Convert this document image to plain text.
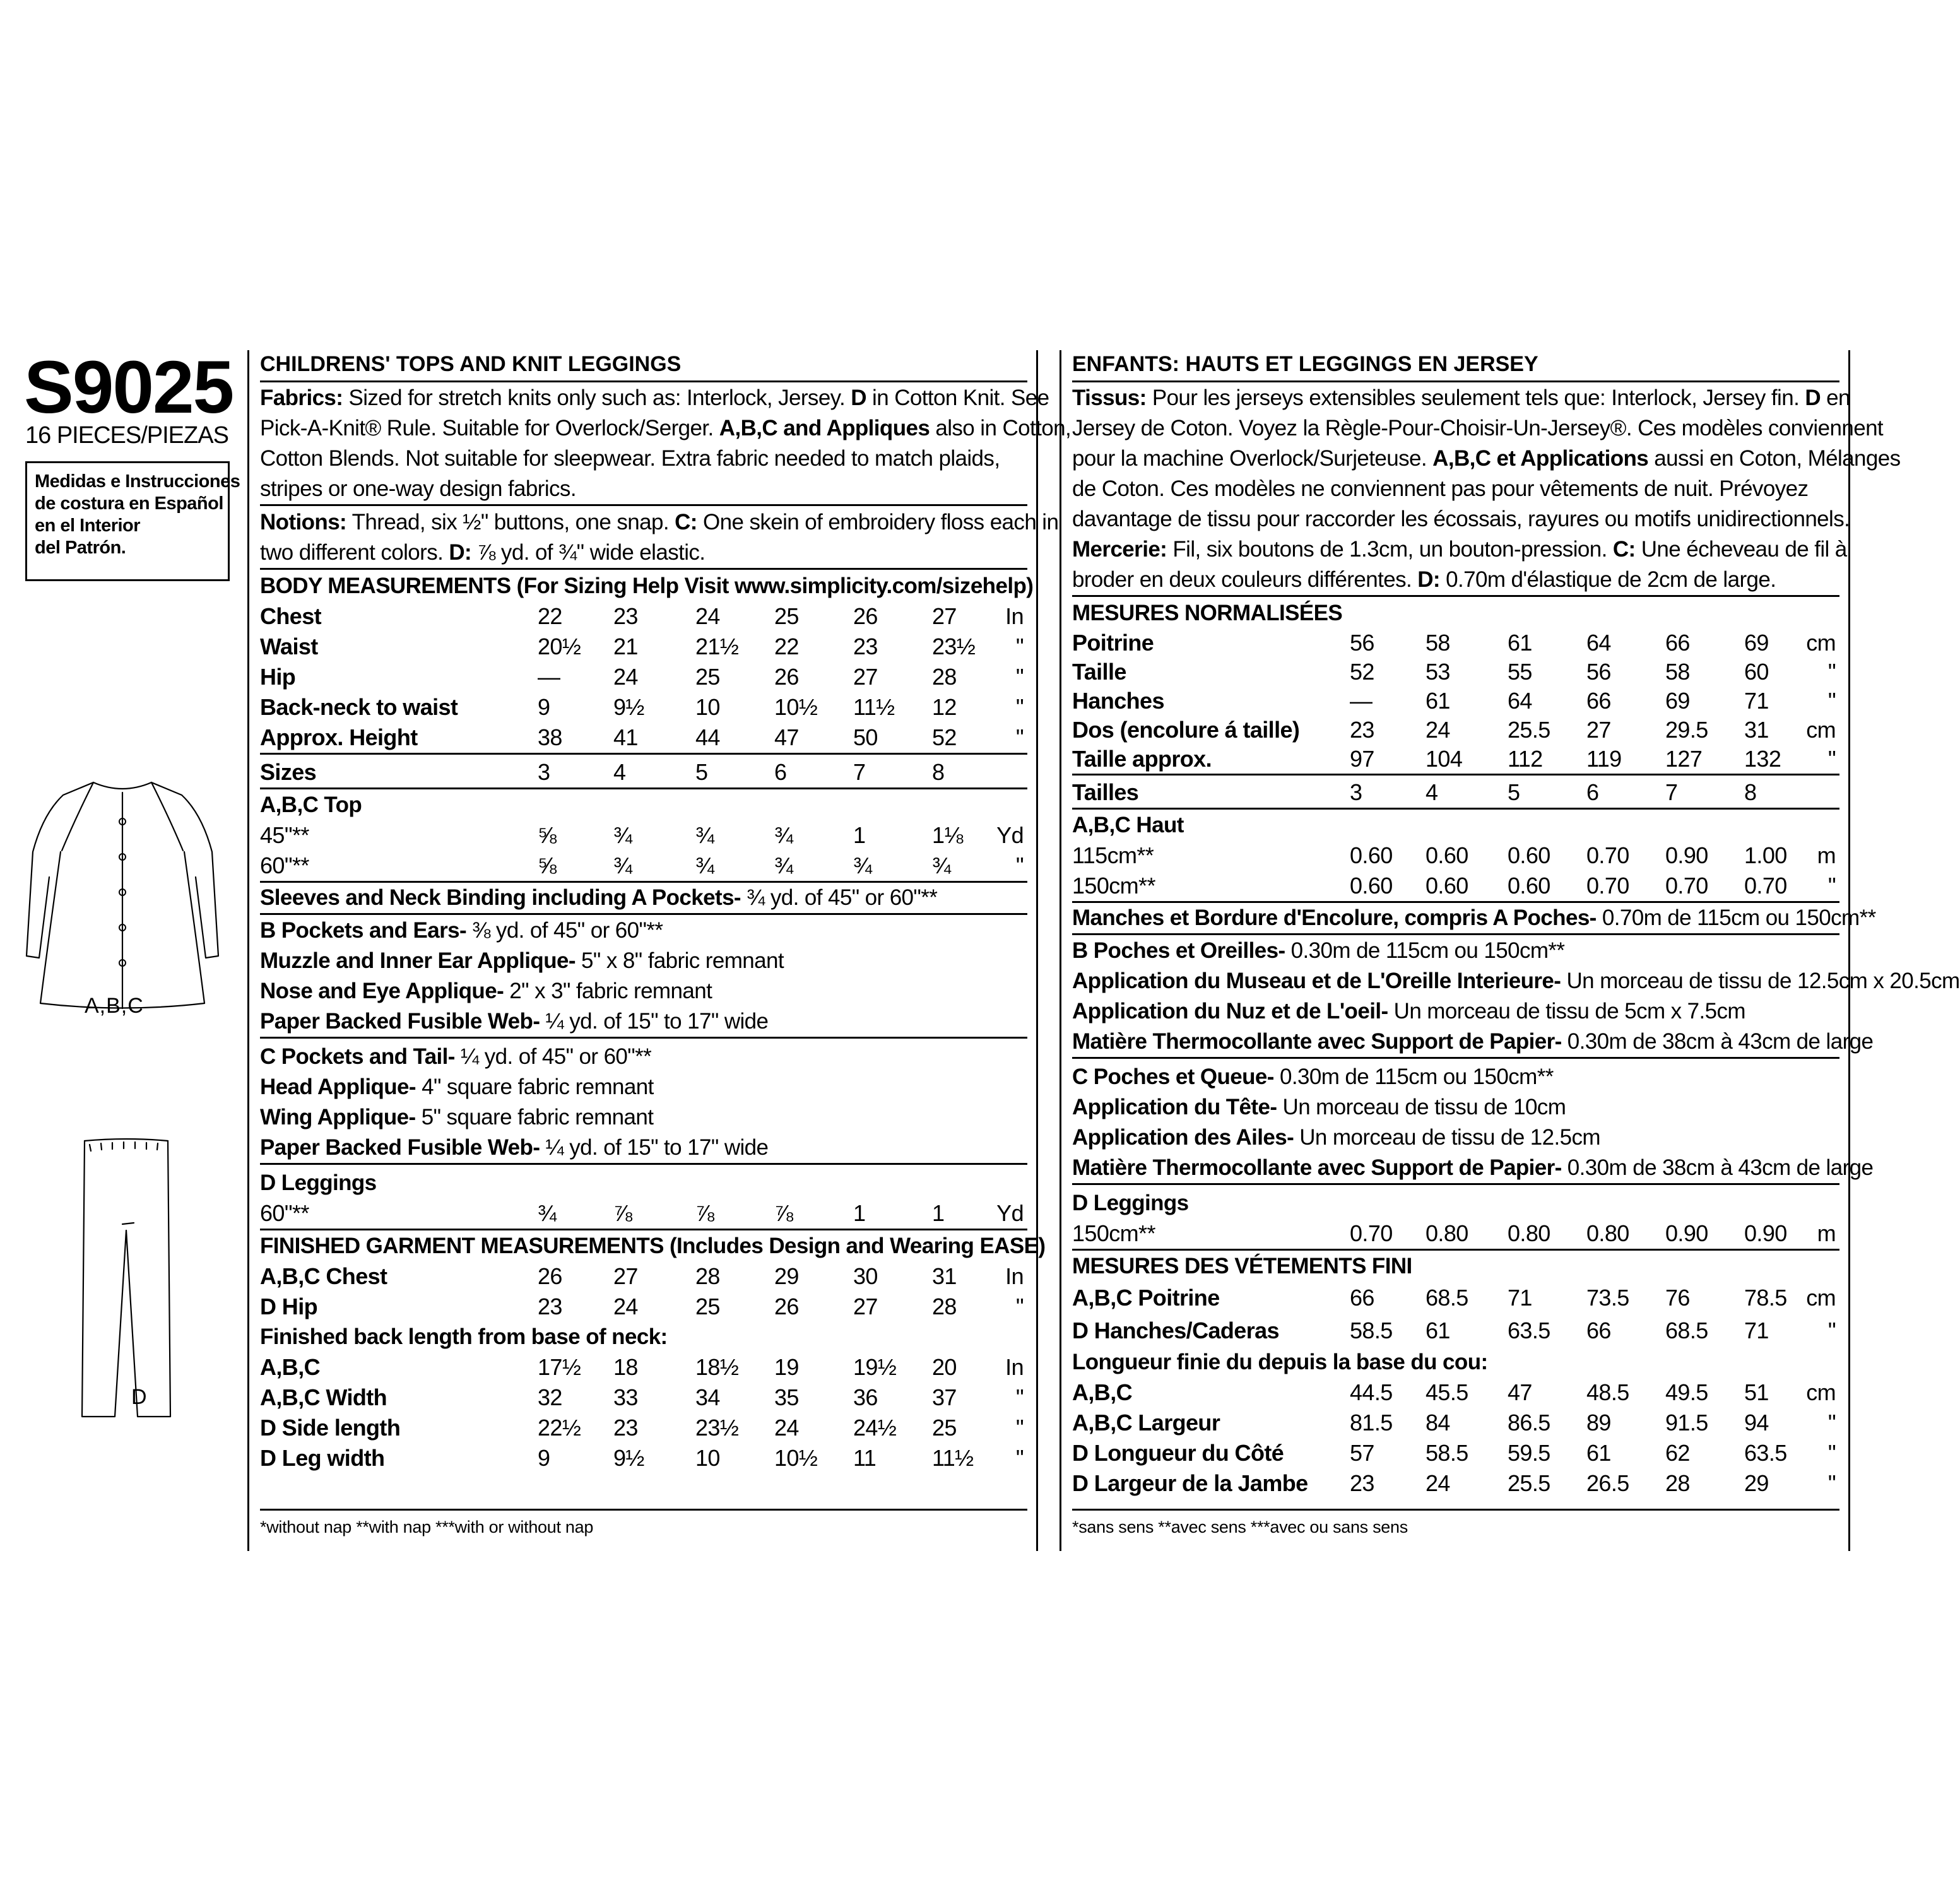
S9025
16 PIECES/PIEZAS
Medidas e Instrucciones
de costura en Español
en el Interior
del Patrón.
A,B,C
D
CHILDRENS' TOPS AND KNIT LEGGINGS
Fabrics: Sized for stretch knits only such as: Interlock, Jersey. D in Cotton Knit. See
Pick-A-Knit® Rule. Suitable for Overlock/Serger. A,B,C and Appliques also in Cotton,
Cotton Blends. Not suitable for sleepwear. Extra fabric needed to match plaids,
stripes or one-way design fabrics.
Notions: Thread, six ½" buttons, one snap. C: One skein of embroidery floss each in
two different colors. D: ⅞ yd. of ¾" wide elastic.
BODY MEASUREMENTS (For Sizing Help Visit www.simplicity.com/sizehelp)
Chest	22 23	24 25 26 27 In
Waist	20½ 21	21½ 22 23 23½ "
Hip	— 24	25 26 27 28	"
Back-neck to waist	9	9½ 10 10½ 11½ 12	"
Approx. Height	38 41	44 47 50 52	"
Sizes	3	4	5	6	7	8
A,B,C Top
45"**	⅝	¾	¾	¾	1	1⅛ Yd
60"**	⅝	¾	¾	¾	¾	¾	"
Sleeves and Neck Binding including A Pockets- ¾ yd. of 45" or 60"**
B Pockets and Ears- ⅜ yd. of 45" or 60"**
Muzzle and Inner Ear Applique- 5" x 8" fabric remnant
Nose and Eye Applique- 2" x 3" fabric remnant
Paper Backed Fusible Web- ¼ yd. of 15" to 17" wide
C Pockets and Tail- ¼ yd. of 45" or 60"**
Head Applique- 4" square fabric remnant
Wing Applique- 5" square fabric remnant
Paper Backed Fusible Web- ¼ yd. of 15" to 17" wide
D Leggings
60"**	¾	⅞	⅞	⅞	1	1 Yd
FINISHED GARMENT MEASUREMENTS (Includes Design and Wearing EASE)
A,B,C Chest	26 27	28 29 30 31 In
D Hip	23 24	25 26 27 28	"
Finished back length from base of neck:
A,B,C	17½ 18	18½ 19 19½ 20 In
A,B,C Width	32 33	34 35 36 37	"
D Side length	22½ 23	23½ 24 24½ 25	"
D Leg width	9	9½ 10 10½ 11 11½ "
*without nap **with nap ***with or without nap
ENFANTS: HAUTS ET LEGGINGS EN JERSEY
Tissus: Pour les jerseys extensibles seulement tels que: Interlock, Jersey fin. D en
Jersey de Coton. Voyez la Règle-Pour-Choisir-Un-Jersey®. Ces modèles conviennent
pour la machine Overlock/Surjeteuse. A,B,C et Applications aussi en Coton, Mélanges
de Coton. Ces modèles ne conviennent pas pour vêtements de nuit. Prévoyez
davantage de tissu pour raccorder les écossais, rayures ou motifs unidirectionnels.
Mercerie: Fil, six boutons de 1.3cm, un bouton-pression. C: Une écheveau de fil à
broder en deux couleurs différentes. D: 0.70m d'élastique de 2cm de large.
MESURES NORMALISÉES
Poitrine	56 58	61 64 66 69 cm
Taille	52 53	55 56 58 60	"
Hanches	— 61	64 66 69 71	"
Dos (encolure á taille) 23 24	25.5 27 29.5 31 cm
Taille approx.	97 104 112 119 127 132 "
Tailles	3	4	5	6	7	8
A,B,C Haut
115cm**	0.60 0.60 0.60 0.70 0.90 1.00 m
150cm**	0.60 0.60 0.60 0.70 0.70 0.70 "
Manches et Bordure d'Encolure, compris A Poches- 0.70m de 115cm ou 150cm**
B Poches et Oreilles- 0.30m de 115cm ou 150cm**
Application du Museau et de L'Oreille Interieure- Un morceau de tissu de 12.5cm x 20.5cm
Application du Nuz et de L'oeil- Un morceau de tissu de 5cm x 7.5cm
Matière Thermocollante avec Support de Papier- 0.30m de 38cm à 43cm de large
C Poches et Queue- 0.30m de 115cm ou 150cm**
Application du Tête- Un morceau de tissu de 10cm
Application des Ailes- Un morceau de tissu de 12.5cm
Matière Thermocollante avec Support de Papier- 0.30m de 38cm à 43cm de large
D Leggings
150cm**	0.70 0.80 0.80 0.80 0.90 0.90 m
MESURES DES VÉTEMENTS FINI
A,B,C Poitrine	66 68.5 71 73.5 76 78.5 cm
D Hanches/Caderas	58.5 61	63.5 66 68.5 71	"
Longueur finie du depuis la base du cou:
A,B,C	44.5 45.5 47 48.5 49.5 51 cm
A,B,C Largeur	81.5 84	86.5 89 91.5 94	"
D Longueur du Côté	57 58.5 59.5 61 62 63.5 "
D Largeur de la Jambe 23 24	25.5 26.5 28 29	"
*sans sens **avec sens ***avec ou sans sens
